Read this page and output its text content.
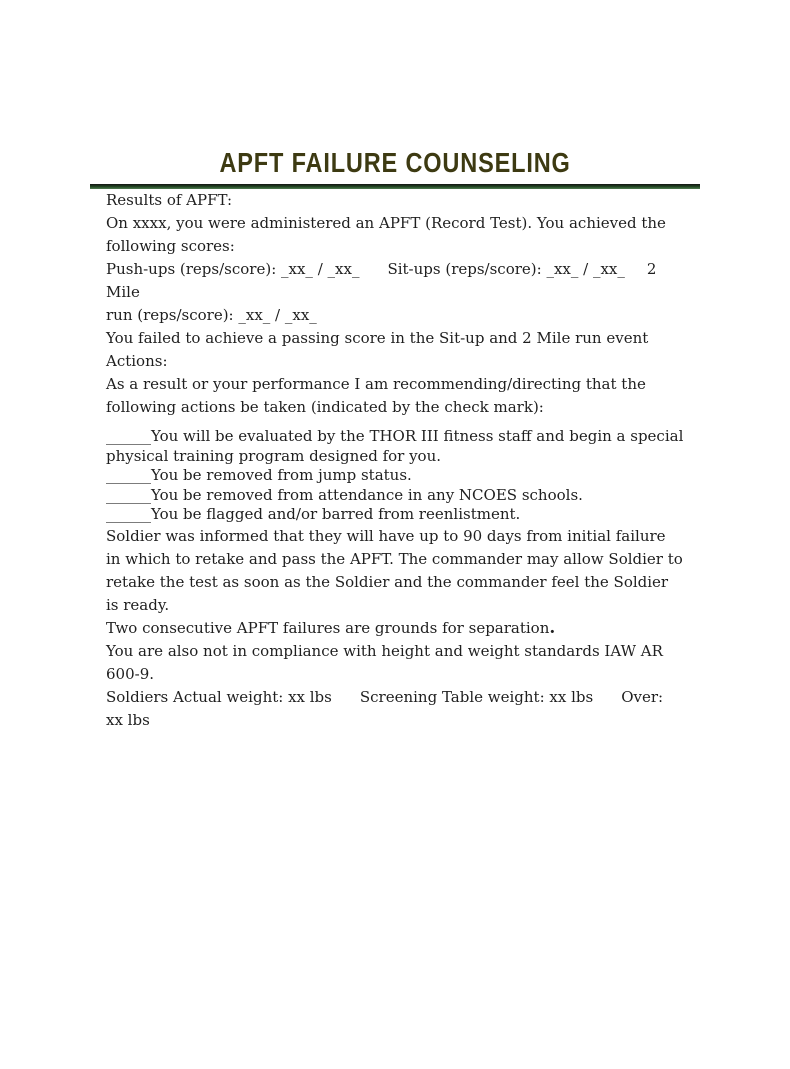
APFT FAILURE COUNSELING

Results of APFT:

On xxxx, you were administered an APFT (Record Test). You achieved the following scores:

Push-ups (reps/score): _xx_ / _xx_ Sit-ups (reps/score): _xx_ / _xx_ 2 Mile
run (reps/score): _xx_ / _xx_

You failed to achieve a passing score in the Sit-up and 2 Mile run event

Actions:

As a result or your performance I am recommending/directing that the following actions be taken (indicated by the check mark):

______You will be evaluated by the THOR III fitness staff and begin a special physical training program designed for you.

______You be removed from jump status.

______You be removed from attendance in any NCOES schools.

______You be flagged and/or barred from reenlistment.

Soldier was informed that they will have up to 90 days from initial failure in which to retake and pass the APFT. The commander may allow Soldier to retake the test as soon as the Soldier and the commander feel the Soldier is ready.

Two consecutive APFT failures are grounds for separation.

You are also not in compliance with height and weight standards IAW AR 600-9.

Soldiers Actual weight: xx lbs Screening Table weight: xx lbs Over: xx lbs
